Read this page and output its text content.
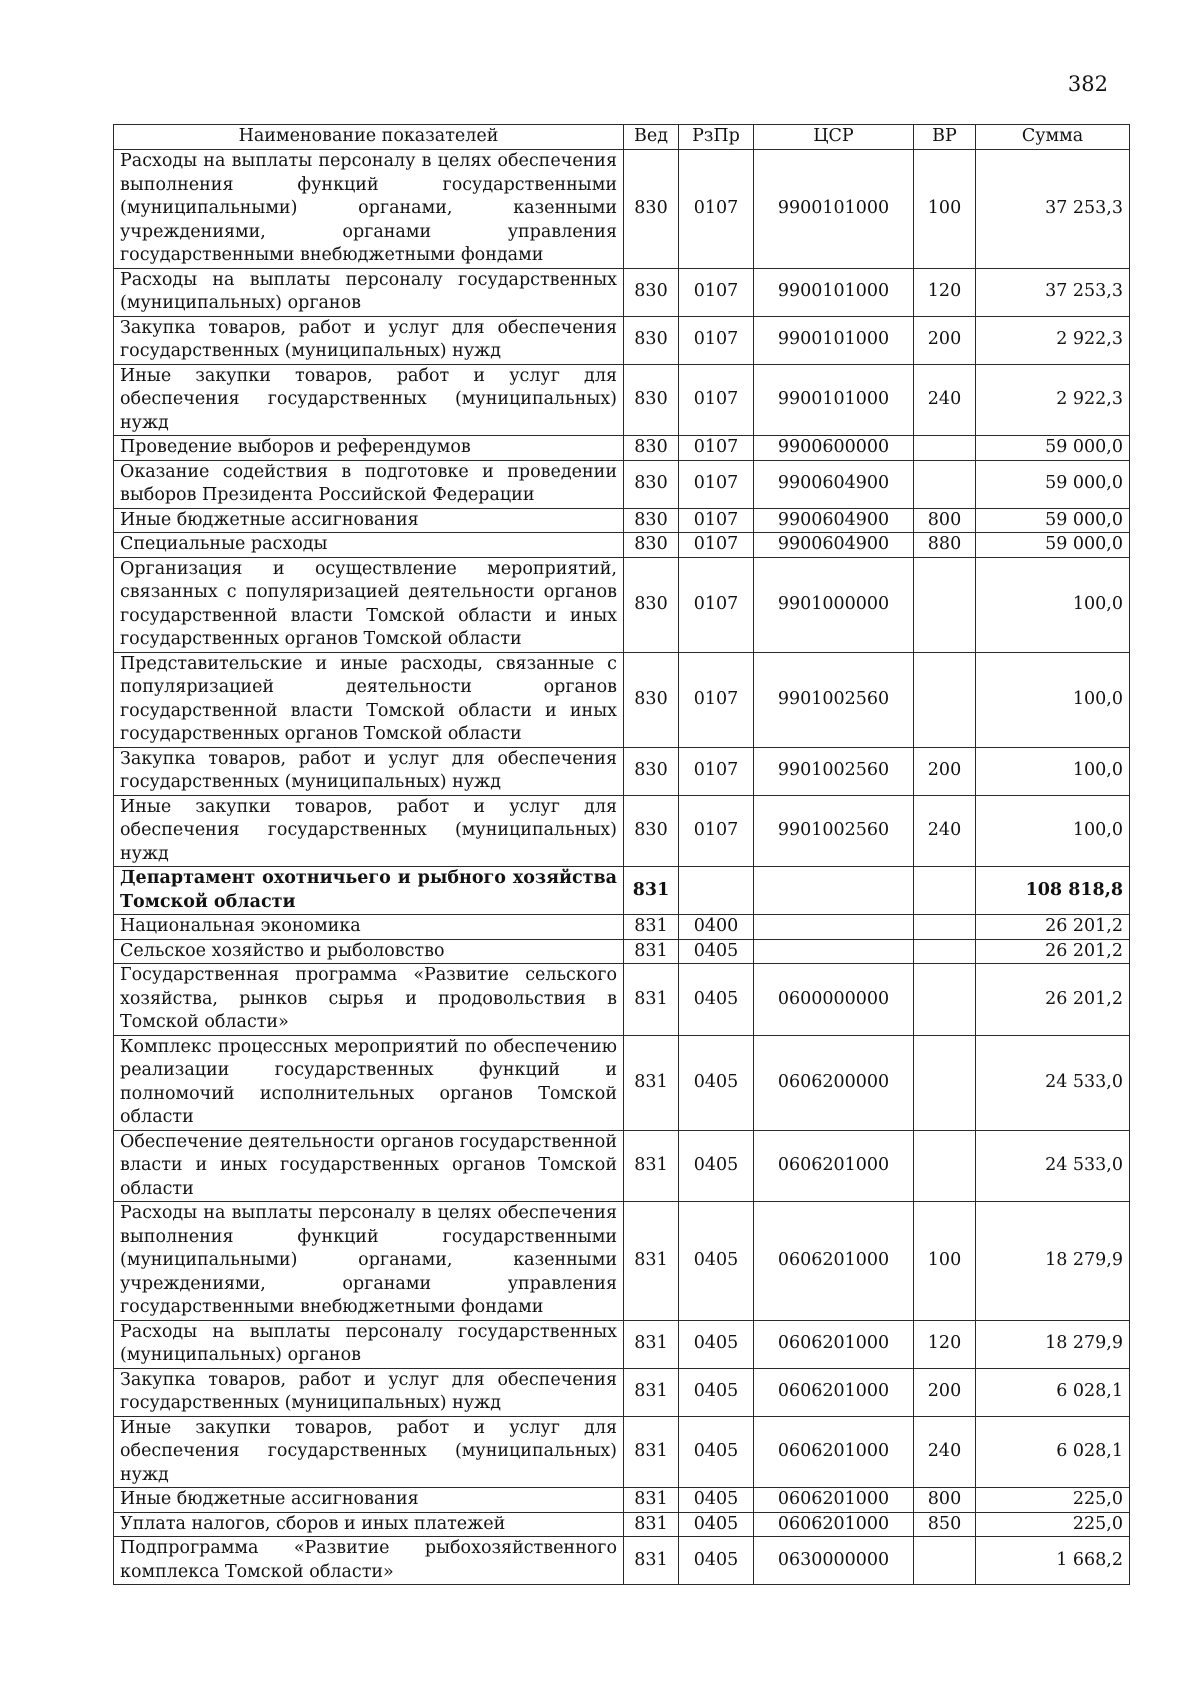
382
Наименование показателей	Вед	РзПр	ЦСР	ВР	Сумма
Расходы на выплаты персоналу в целях обеспечения выполнения функций государственными (муниципальными) органами, казенными учреждениями, органами управления государственными внебюджетными фондами	830	0107	9900101000	100	37 253,3
Расходы на выплаты персоналу государственных (муниципальных) органов	830	0107	9900101000	120	37 253,3
Закупка товаров, работ и услуг для обеспечения государственных (муниципальных) нужд	830	0107	9900101000	200	2 922,3
Иные закупки товаров, работ и услуг для обеспечения государственных (муниципальных) нужд	830	0107	9900101000	240	2 922,3
Проведение выборов и референдумов	830	0107	9900600000		59 000,0
Оказание содействия в подготовке и проведении выборов Президента Российской Федерации	830	0107	9900604900		59 000,0
Иные бюджетные ассигнования	830	0107	9900604900	800	59 000,0
Специальные расходы	830	0107	9900604900	880	59 000,0
Организация и осуществление мероприятий, связанных с популяризацией деятельности органов государственной власти Томской области и иных государственных органов Томской области	830	0107	9901000000		100,0
Представительские и иные расходы, связанные с популяризацией деятельности органов государственной власти Томской области и иных государственных органов Томской области	830	0107	9901002560		100,0
Закупка товаров, работ и услуг для обеспечения государственных (муниципальных) нужд	830	0107	9901002560	200	100,0
Иные закупки товаров, работ и услуг для обеспечения государственных (муниципальных) нужд	830	0107	9901002560	240	100,0
Департамент охотничьего и рыбного хозяйства Томской области	831				108 818,8
Национальная экономика	831	0400			26 201,2
Сельское хозяйство и рыболовство	831	0405			26 201,2
Государственная программа «Развитие сельского хозяйства, рынков сырья и продовольствия в Томской области»	831	0405	0600000000		26 201,2
Комплекс процессных мероприятий по обеспечению реализации государственных функций и полномочий исполнительных органов Томской области	831	0405	0606200000		24 533,0
Обеспечение деятельности органов государственной власти и иных государственных органов Томской области	831	0405	0606201000		24 533,0
Расходы на выплаты персоналу в целях обеспечения выполнения функций государственными (муниципальными) органами, казенными учреждениями, органами управления государственными внебюджетными фондами	831	0405	0606201000	100	18 279,9
Расходы на выплаты персоналу государственных (муниципальных) органов	831	0405	0606201000	120	18 279,9
Закупка товаров, работ и услуг для обеспечения государственных (муниципальных) нужд	831	0405	0606201000	200	6 028,1
Иные закупки товаров, работ и услуг для обеспечения государственных (муниципальных) нужд	831	0405	0606201000	240	6 028,1
Иные бюджетные ассигнования	831	0405	0606201000	800	225,0
Уплата налогов, сборов и иных платежей	831	0405	0606201000	850	225,0
Подпрограмма «Развитие рыбохозяйственного комплекса Томской области»	831	0405	0630000000		1 668,2
